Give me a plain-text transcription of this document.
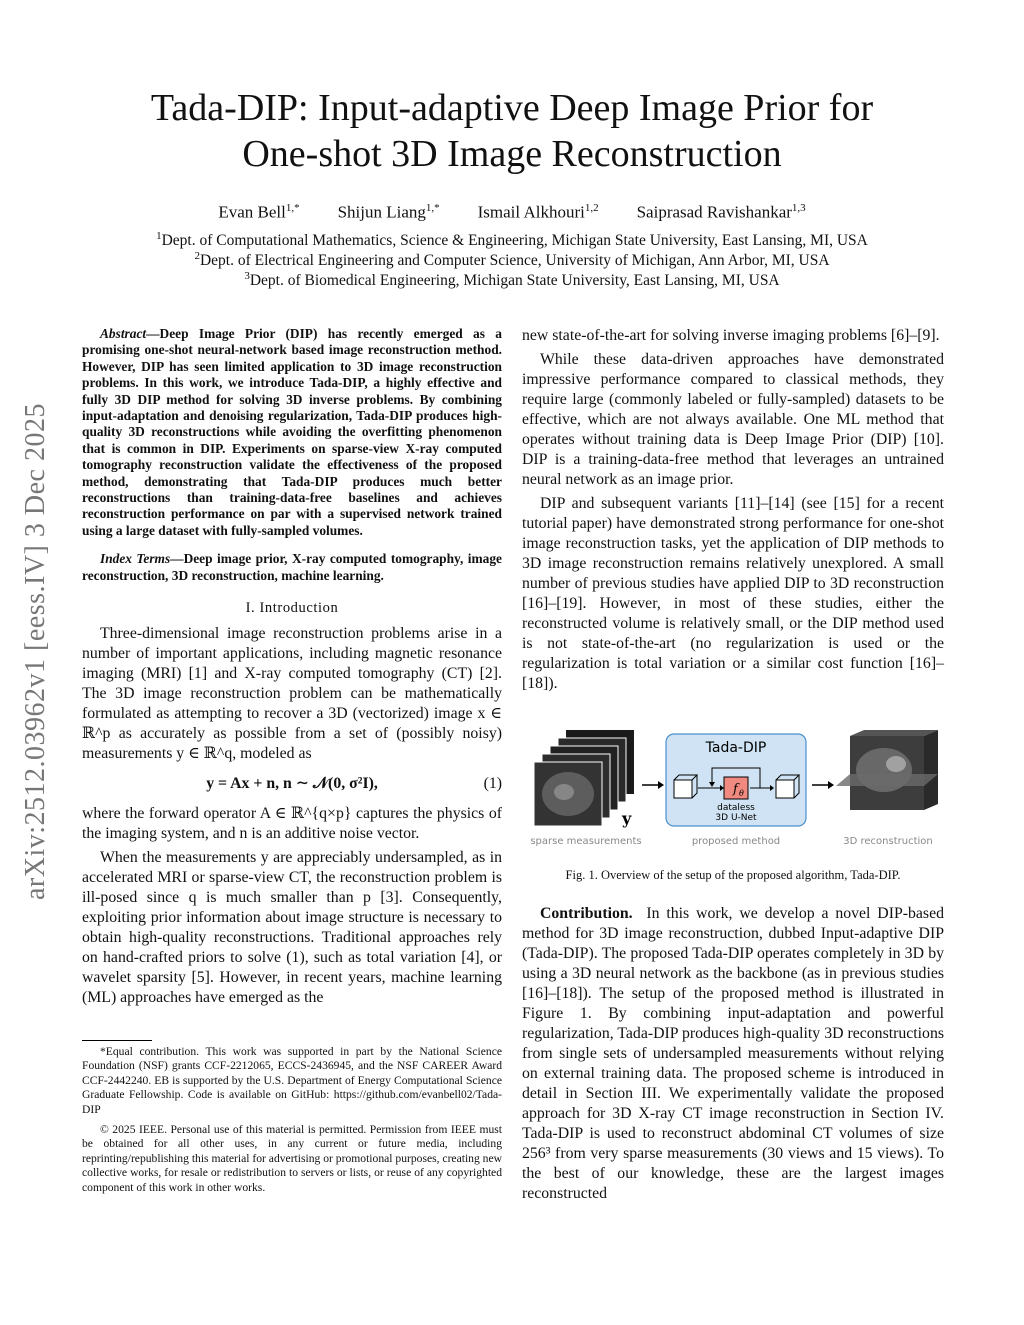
arXiv:2512.03962v1 [eess.IV] 3 Dec 2025
Tada-DIP: Input-adaptive Deep Image Prior for
One-shot 3D Image Reconstruction
Evan Bell$^{1,*}$ Shijun Liang$^{1,*}$ Ismail Alkhouri$^{1,2}$ Saiprasad Ravishankar$^{1,3}$
$^1$Dept. of Computational Mathematics, Science & Engineering, Michigan State University, East Lansing, MI, USA
$^2$Dept. of Electrical Engineering and Computer Science, University of Michigan, Ann Arbor, MI, USA
$^3$Dept. of Biomedical Engineering, Michigan State University, East Lansing, MI, USA

Abstract—Deep Image Prior (DIP) has recently emerged as a promising one-shot neural-network based image reconstruction method. However, DIP has seen limited application to 3D image reconstruction problems. In this work, we introduce Tada-DIP, a highly effective and fully 3D DIP method for solving 3D inverse problems. By combining input-adaptation and denoising regularization, Tada-DIP produces high-quality 3D reconstructions while avoiding the overfitting phenomenon that is common in DIP. Experiments on sparse-view X-ray computed tomography reconstruction validate the effectiveness of the proposed method, demonstrating that Tada-DIP produces much better reconstructions than training-data-free baselines and achieves reconstruction performance on par with a supervised network trained using a large dataset with fully-sampled volumes.

Index Terms—Deep image prior, X-ray computed tomography, image reconstruction, 3D reconstruction, machine learning.

I. Introduction

Three-dimensional image reconstruction problems arise in a number of important applications, including magnetic resonance imaging (MRI) [1] and X-ray computed tomography (CT) [2]. The 3D image reconstruction problem can be mathematically formulated as attempting to recover a 3D (vectorized) image x ∈ ℝ^p as accurately as possible from a set of (possibly noisy) measurements y ∈ ℝ^q, modeled as

y = Ax + n, n ∼ 𝒩(0, σ²I),	(1)

where the forward operator A ∈ ℝ^{q×p} captures the physics of the imaging system, and n is an additive noise vector.

When the measurements y are appreciably undersampled, as in accelerated MRI or sparse-view CT, the reconstruction problem is ill-posed since q is much smaller than p [3]. Consequently, exploiting prior information about image structure is necessary to obtain high-quality reconstructions. Traditional approaches rely on hand-crafted priors to solve (1), such as total variation [4], or wavelet sparsity [5]. However, in recent years, machine learning (ML) approaches have emerged as the

*Equal contribution. This work was supported in part by the National Science Foundation (NSF) grants CCF-2212065, ECCS-2436945, and the NSF CAREER Award CCF-2442240. EB is supported by the U.S. Department of Energy Computational Science Graduate Fellowship. Code is available on GitHub: https://github.com/evanbell02/Tada-DIP

© 2025 IEEE. Personal use of this material is permitted. Permission from IEEE must be obtained for all other uses, in any current or future media, including reprinting/republishing this material for advertising or promotional purposes, creating new collective works, for resale or redistribution to servers or lists, or reuse of any copyrighted component of this work in other works.

new state-of-the-art for solving inverse imaging problems [6]–[9].

While these data-driven approaches have demonstrated impressive performance compared to classical methods, they require large (commonly labeled or fully-sampled) datasets to be effective, which are not always available. One ML method that operates without training data is Deep Image Prior (DIP) [10]. DIP is a training-data-free method that leverages an untrained neural network as an image prior.

DIP and subsequent variants [11]–[14] (see [15] for a recent tutorial paper) have demonstrated strong performance for one-shot image reconstruction tasks, yet the application of DIP methods to 3D image reconstruction remains relatively unexplored. A small number of previous studies have applied DIP to 3D reconstruction [16]–[19]. However, in most of these studies, either the reconstructed volume is relatively small, or the DIP method used is not state-of-the-art (no regularization is used or the regularization is total variation or a similar cost function [16]–[18]).

y
Tada-DIP
f θ
dataless
3D U-Net
sparse measurements	proposed method	3D reconstruction
Fig. 1. Overview of the setup of the proposed algorithm, Tada-DIP.

Contribution. In this work, we develop a novel DIP-based method for 3D image reconstruction, dubbed Input-adaptive DIP (Tada-DIP). The proposed Tada-DIP operates completely in 3D by using a 3D neural network as the backbone (as in previous studies [16]–[18]). The setup of the proposed method is illustrated in Figure 1. By combining input-adaptation and powerful regularization, Tada-DIP produces high-quality 3D reconstructions from single sets of undersampled measurements without relying on external training data. The proposed scheme is introduced in detail in Section III. We experimentally validate the proposed approach for 3D X-ray CT image reconstruction in Section IV. Tada-DIP is used to reconstruct abdominal CT volumes of size 256³ from very sparse measurements (30 views and 15 views). To the best of our knowledge, these are the largest images reconstructed
